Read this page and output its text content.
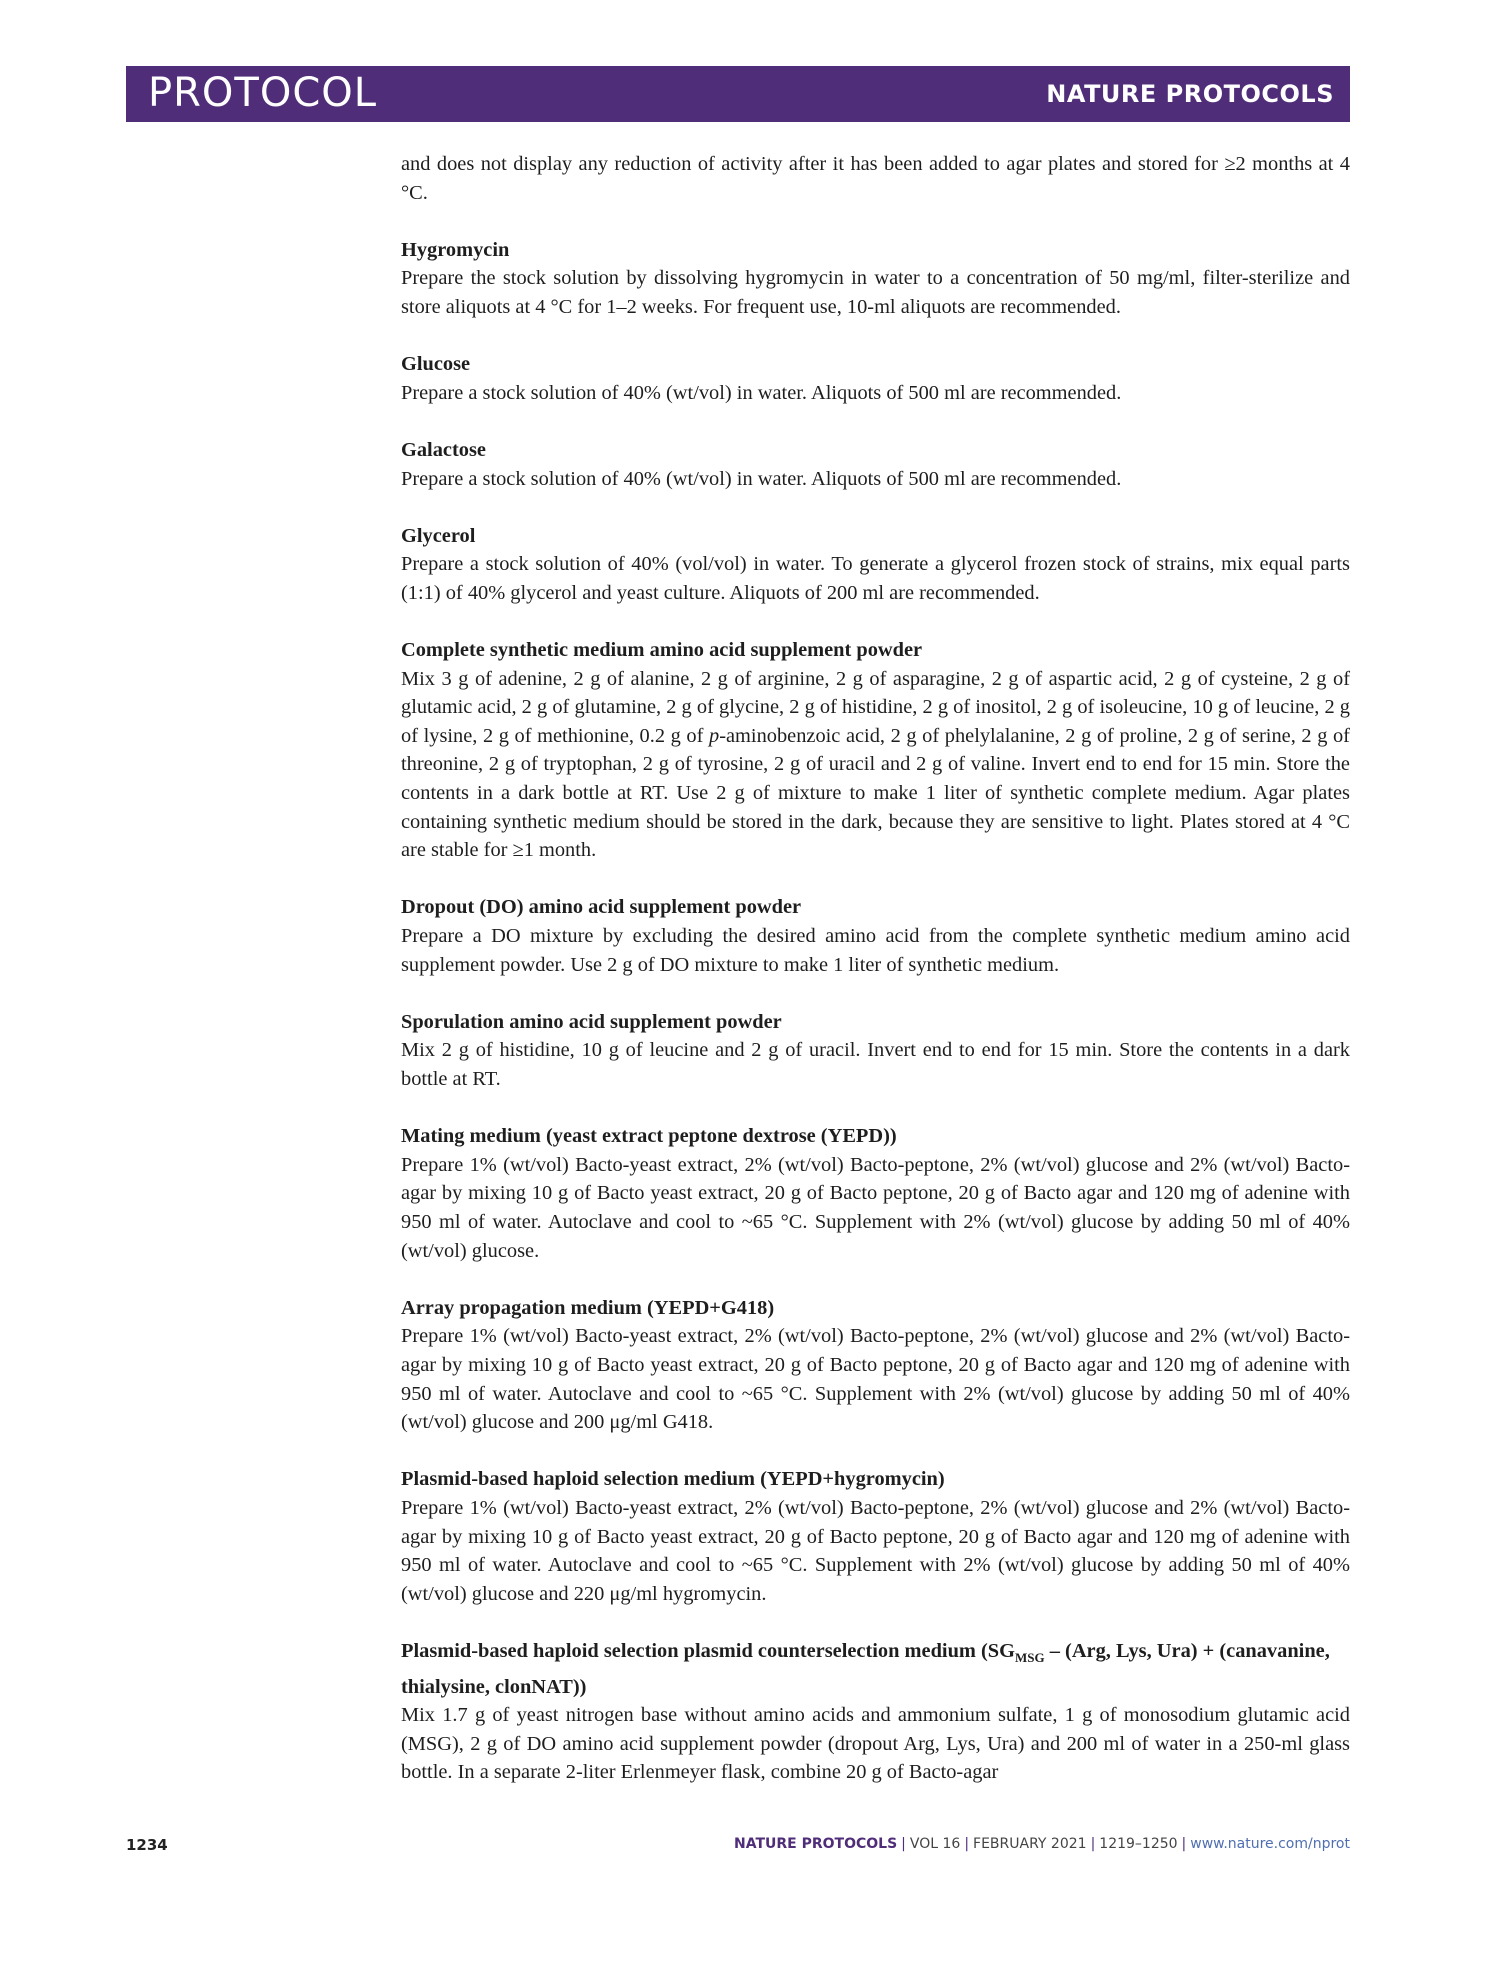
PROTOCOL	NATURE PROTOCOLS

and does not display any reduction of activity after it has been added to agar plates and stored for ≥2 months at 4 °C.

Hygromycin

Prepare the stock solution by dissolving hygromycin in water to a concentration of 50 mg/ml, filter-sterilize and store aliquots at 4 °C for 1–2 weeks. For frequent use, 10-ml aliquots are recommended.

Glucose

Prepare a stock solution of 40% (wt/vol) in water. Aliquots of 500 ml are recommended.

Galactose

Prepare a stock solution of 40% (wt/vol) in water. Aliquots of 500 ml are recommended.

Glycerol

Prepare a stock solution of 40% (vol/vol) in water. To generate a glycerol frozen stock of strains, mix equal parts (1:1) of 40% glycerol and yeast culture. Aliquots of 200 ml are recommended.

Complete synthetic medium amino acid supplement powder

Mix 3 g of adenine, 2 g of alanine, 2 g of arginine, 2 g of asparagine, 2 g of aspartic acid, 2 g of cysteine, 2 g of glutamic acid, 2 g of glutamine, 2 g of glycine, 2 g of histidine, 2 g of inositol, 2 g of isoleucine, 10 g of leucine, 2 g of lysine, 2 g of methionine, 0.2 g of p-aminobenzoic acid, 2 g of phelylalanine, 2 g of proline, 2 g of serine, 2 g of threonine, 2 g of tryptophan, 2 g of tyrosine, 2 g of uracil and 2 g of valine. Invert end to end for 15 min. Store the contents in a dark bottle at RT. Use 2 g of mixture to make 1 liter of synthetic complete medium. Agar plates containing synthetic medium should be stored in the dark, because they are sensitive to light. Plates stored at 4 °C are stable for ≥1 month.

Dropout (DO) amino acid supplement powder

Prepare a DO mixture by excluding the desired amino acid from the complete synthetic medium amino acid supplement powder. Use 2 g of DO mixture to make 1 liter of synthetic medium.

Sporulation amino acid supplement powder

Mix 2 g of histidine, 10 g of leucine and 2 g of uracil. Invert end to end for 15 min. Store the contents in a dark bottle at RT.

Mating medium (yeast extract peptone dextrose (YEPD))

Prepare 1% (wt/vol) Bacto-yeast extract, 2% (wt/vol) Bacto-peptone, 2% (wt/vol) glucose and 2% (wt/vol) Bacto-agar by mixing 10 g of Bacto yeast extract, 20 g of Bacto peptone, 20 g of Bacto agar and 120 mg of adenine with 950 ml of water. Autoclave and cool to ~65 °C. Supplement with 2% (wt/vol) glucose by adding 50 ml of 40% (wt/vol) glucose.

Array propagation medium (YEPD+G418)

Prepare 1% (wt/vol) Bacto-yeast extract, 2% (wt/vol) Bacto-peptone, 2% (wt/vol) glucose and 2% (wt/vol) Bacto-agar by mixing 10 g of Bacto yeast extract, 20 g of Bacto peptone, 20 g of Bacto agar and 120 mg of adenine with 950 ml of water. Autoclave and cool to ~65 °C. Supplement with 2% (wt/vol) glucose by adding 50 ml of 40% (wt/vol) glucose and 200 μg/ml G418.

Plasmid-based haploid selection medium (YEPD+hygromycin)

Prepare 1% (wt/vol) Bacto-yeast extract, 2% (wt/vol) Bacto-peptone, 2% (wt/vol) glucose and 2% (wt/vol) Bacto-agar by mixing 10 g of Bacto yeast extract, 20 g of Bacto peptone, 20 g of Bacto agar and 120 mg of adenine with 950 ml of water. Autoclave and cool to ~65 °C. Supplement with 2% (wt/vol) glucose by adding 50 ml of 40% (wt/vol) glucose and 220 μg/ml hygromycin.

Plasmid-based haploid selection plasmid counterselection medium ($SG_{MSG} - (Arg$, Lys, Ura) + (canavanine, thialysine, clonNAT))

Mix 1.7 g of yeast nitrogen base without amino acids and ammonium sulfate, 1 g of monosodium glutamic acid (MSG), 2 g of DO amino acid supplement powder (dropout Arg, Lys, Ura) and 200 ml of water in a 250-ml glass bottle. In a separate 2-liter Erlenmeyer flask, combine 20 g of Bacto-agar

1234	NATURE PROTOCOLS | VOL 16 | FEBRUARY 2021 | 1219–1250 | www.nature.com/nprot
